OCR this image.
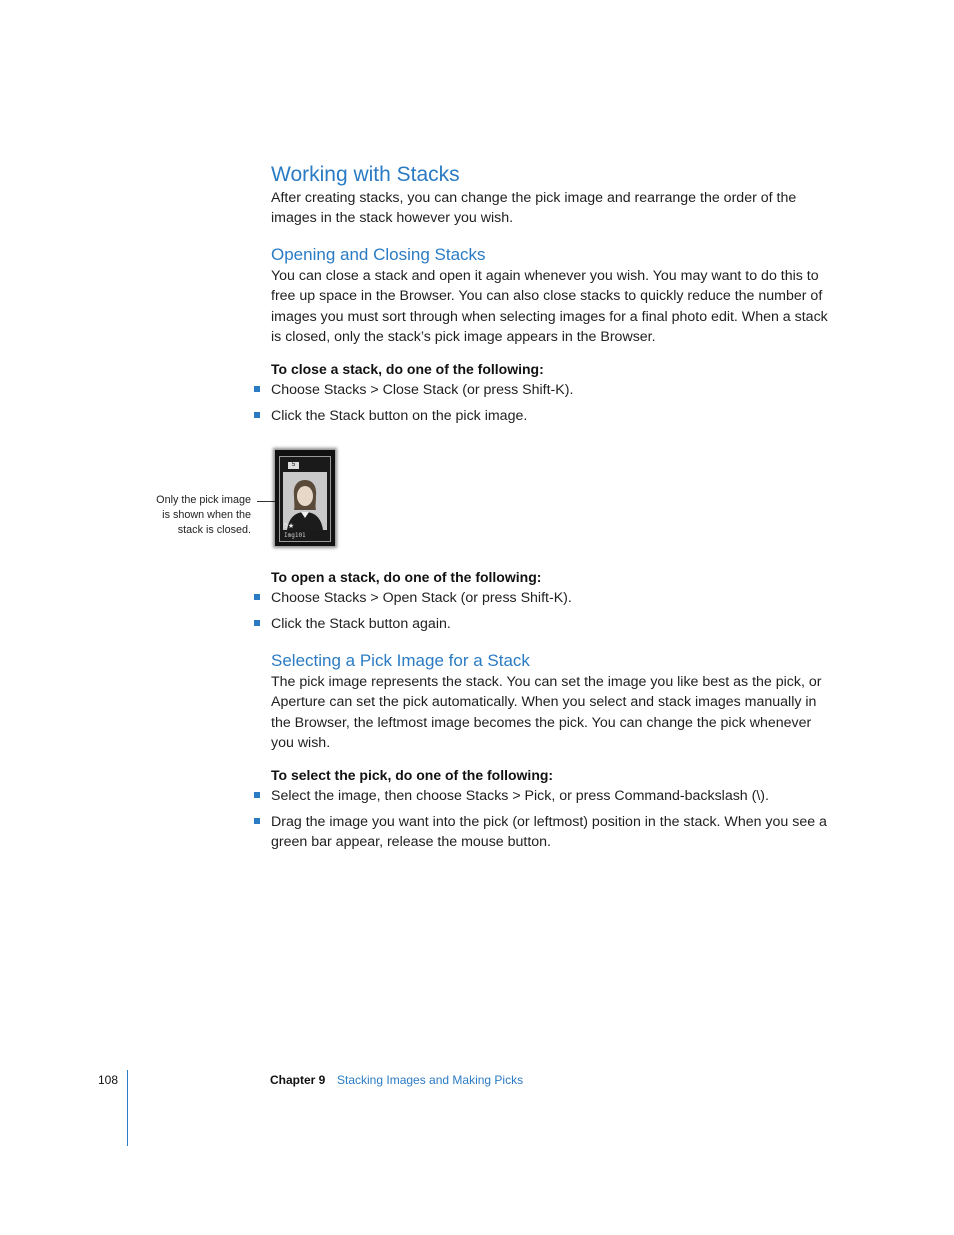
Working with Stacks
After creating stacks, you can change the pick image and rearrange the order of the images in the stack however you wish.
Opening and Closing Stacks
You can close a stack and open it again whenever you wish. You may want to do this to free up space in the Browser. You can also close stacks to quickly reduce the number of images you must sort through when selecting images for a final photo edit. When a stack is closed, only the stack’s pick image appears in the Browser.
To close a stack, do one of the following:
Choose Stacks > Close Stack (or press Shift-K).
Click the Stack button on the pick image.
Only the pick image
is shown when the
stack is closed.
5
5★
Img101
To open a stack, do one of the following:
Choose Stacks > Open Stack (or press Shift-K).
Click the Stack button again.
Selecting a Pick Image for a Stack
The pick image represents the stack. You can set the image you like best as the pick, or Aperture can set the pick automatically. When you select and stack images manually in the Browser, the leftmost image becomes the pick. You can change the pick whenever you wish.
To select the pick, do one of the following:
Select the image, then choose Stacks > Pick, or press Command-backslash (\).
Drag the image you want into the pick (or leftmost) position in the stack. When you see a green bar appear, release the mouse button.
108	Chapter 9 Stacking Images and Making Picks
